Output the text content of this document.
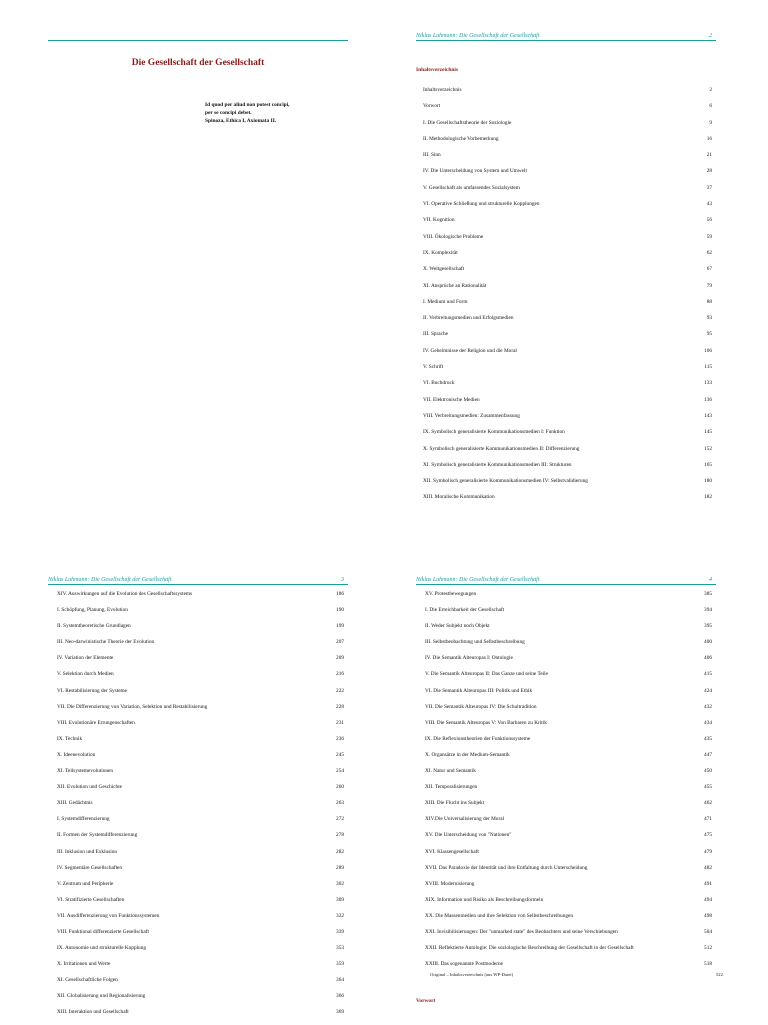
Die Gesellschaft der Gesellschaft
Id quod per aliud non potest concipi,
per se concipi debet.
Spinoza, Ethica I, Axiomata II.
Niklas Luhmann: Die Gesellschaft der Gesellschaft	2
Inhaltsverzeichnis
Inhaltsverzeichnis	2
Vorwort	6
I. Die Gesellschaftstheorie der Soziologie	9
II. Methodologische Vorbemerkung	16
III. Sinn	21
IV. Die Unterscheidung von System und Umwelt	28
V. Gesellschaft als umfassendes Sozialsystem	37
VI. Operative Schließung und strukturelle Kopplungen	43
VII. Kognition	56
VIII. Ökologische Probleme	59
IX. Komplexität	62
X. Weltgesellschaft	67
XI. Ansprüche an Rationalität	79
I. Medium und Form	88
II. Verbreitungsmedien und Erfolgsmedien	93
III. Sprache	95
IV. Geheimnisse der Religion und die Moral	106
V. Schrift	115
VI. Buchdruck	133
VII. Elektronische Medien	136
VIII. Verbreitungsmedien: Zusammenfassung	143
IX. Symbolisch generalisierte Kommunikationsmedien I: Funktion	145
X. Symbolisch generalisierte Kommunikationsmedien II: Differenzierung	152
XI. Symbolisch generalisierte Kommunikationsmedien III: Strukturen	165
XII. Symbolisch generalisierte Kommunikationsmedien IV: Selbstvalidierung	180
XIII. Moralische Kommunikation	182
Niklas Luhmann: Die Gesellschaft der Gesellschaft	3
XIV. Auswirkungen auf die Evolution des Gesellschaftssystems	186
I. Schöpfung, Planung, Evolution	190
II. Systemtheoretische Grundlagen	199
III. Neo-darwinistische Theorie der Evolution	207
IV. Variation der Elemente	209
V. Selektion durch Medien	216
VI. Restabilisierung der Systeme	222
VII. Die Differenzierung von Variation, Selektion und Restabilisierung	228
VIII. Evolutionäre Errungenschaften	231
IX. Technik	236
X. Ideenevolution	245
XI. Teilsystemevolutionen	254
XII. Evolution und Geschichte	260
XIII. Gedächtnis	263
I. Systemdifferenzierung	272
II. Formen der Systemdifferenzierung	278
III. Inklusion und Exklusion	282
IV. Segmentäre Gesellschaften	289
V. Zentrum und Peripherie	302
VI. Stratifizierte Gesellschaften	309
VII. Ausdifferenzierung von Funktionssystemen	322
VIII. Funktional differenzierte Gesellschaft	339
IX. Autonomie und strukturelle Kopplung	353
X. Irritationen und Werte	359
XI. Gesellschaftliche Folgen	364
XII. Globalisierung und Regionalisierung	366
XIII. Interaktion und Gesellschaft	369
Niklas Luhmann: Die Gesellschaft der Gesellschaft	4
XV. Protestbewegungen	385
I. Die Erreichbarkeit der Gesellschaft	394
II. Weder Subjekt noch Objekt	395
III. Selbstbeobachtung und Selbstbeschreibung	400
IV. Die Semantik Alteuropas I: Ontologie	406
V. Die Semantik Alteuropas II: Das Ganze und seine Teile	415
VI. Die Semantik Alteuropas III: Politik und Ethik	424
VII. Die Semantik Alteuropas IV: Die Schultradition	432
VIII. Die Semantik Alteuropas V: Von Barbaren zu Kritik	434
IX. Die Reflexionstheorien der Funktionssysteme	435
X. Organsätze in der Medium-Semantik	447
XI. Natur und Semantik	450
XII. Temporalisierungen	455
XIII. Die Flucht ins Subjekt	462
XIV.Die Universalisierung der Moral	471
XV. Die Unterscheidung von "Nationen"	475
XVI. Klassengesellschaft	479
XVII. Das Paradoxie der Identität und ihre Entfaltung durch Unterscheidung	482
XVIII. Modernisierung	491
XIX. Information und Risiko als Beschreibungsformeln	494
XX. Die Massenmedien und ihre Selektion von Selbstbeschreibungen	498
XXI. Invisibilisierungen: Der "unmarked state" des Beobachters und seine Verschiebungen	504
XXII. Reflektierte Autologie: Die soziologische Beschreibung der Gesellschaft in der Gesellschaft	512
XXIII. Das sogenannte Postmoderne	518
Original – Inhaltsverzeichnis (aus WP-Datei)	522
Vorwort
